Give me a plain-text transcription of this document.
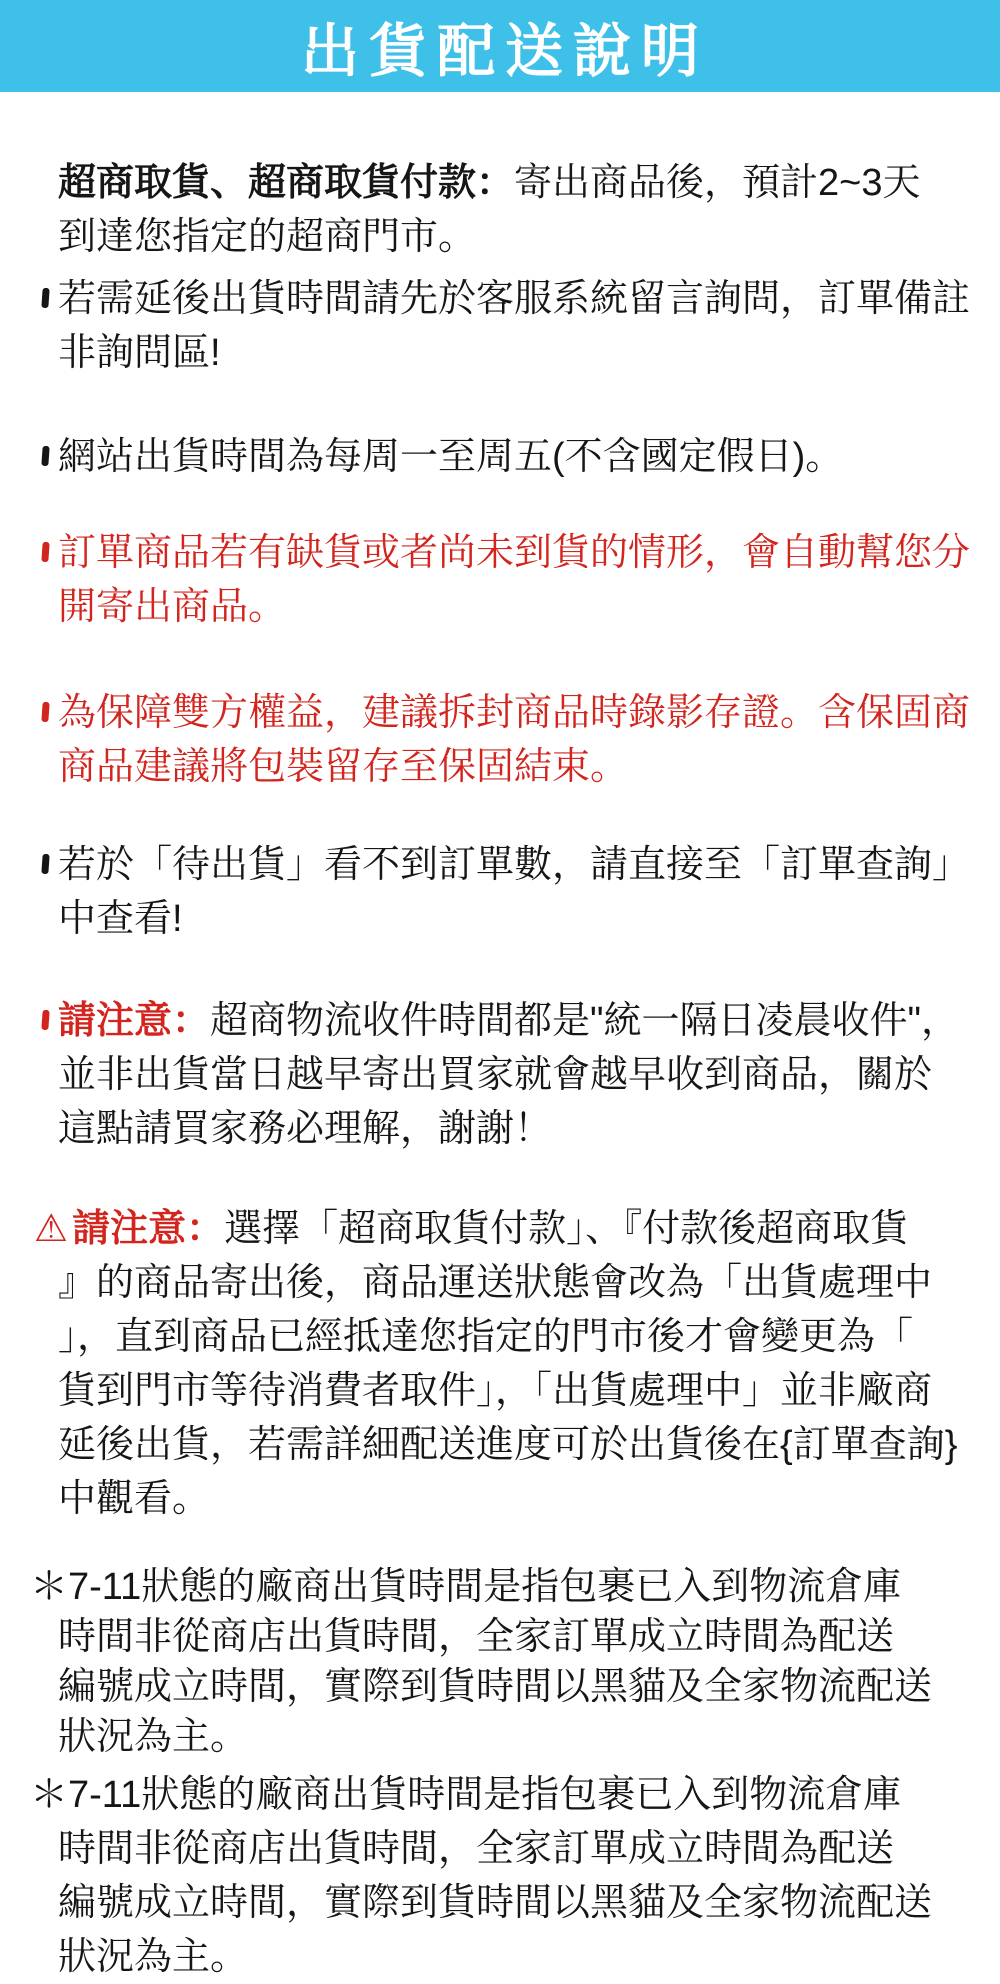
出貨配送說明
超商取貨、超商取貨付款：寄出商品後，預計2~3天
到達您指定的超商門市。
若需延後出貨時間請先於客服系統留言詢問，訂單備註
非詢問區!
網站出貨時間為每周一至周五(不含國定假日)。
訂單商品若有缺貨或者尚未到貨的情形，會自動幫您分
開寄出商品。
為保障雙方權益，建議拆封商品時錄影存證。含保固商
商品建議將包裝留存至保固結束。
若於「待出貨」看不到訂單數，請直接至「訂單查詢」
中查看!
請注意：超商物流收件時間都是"統一隔日凌晨收件"，
並非出貨當日越早寄出買家就會越早收到商品，關於
這點請買家務必理解，謝謝！
⚠ 請注意：選擇「超商取貨付款」、『付款後超商取貨
』的商品寄出後，商品運送狀態會改為「出貨處理中
」，直到商品已經抵達您指定的門市後才會變更為「
貨到門市等待消費者取件」，「出貨處理中」並非廠商
延後出貨，若需詳細配送進度可於出貨後在{訂單查詢}
中觀看。
＊7-11狀態的廠商出貨時間是指包裹已入到物流倉庫
時間非從商店出貨時間，全家訂單成立時間為配送
編號成立時間，實際到貨時間以黑貓及全家物流配送
狀況為主。
＊7-11狀態的廠商出貨時間是指包裹已入到物流倉庫
時間非從商店出貨時間，全家訂單成立時間為配送
編號成立時間，實際到貨時間以黑貓及全家物流配送
狀況為主。
